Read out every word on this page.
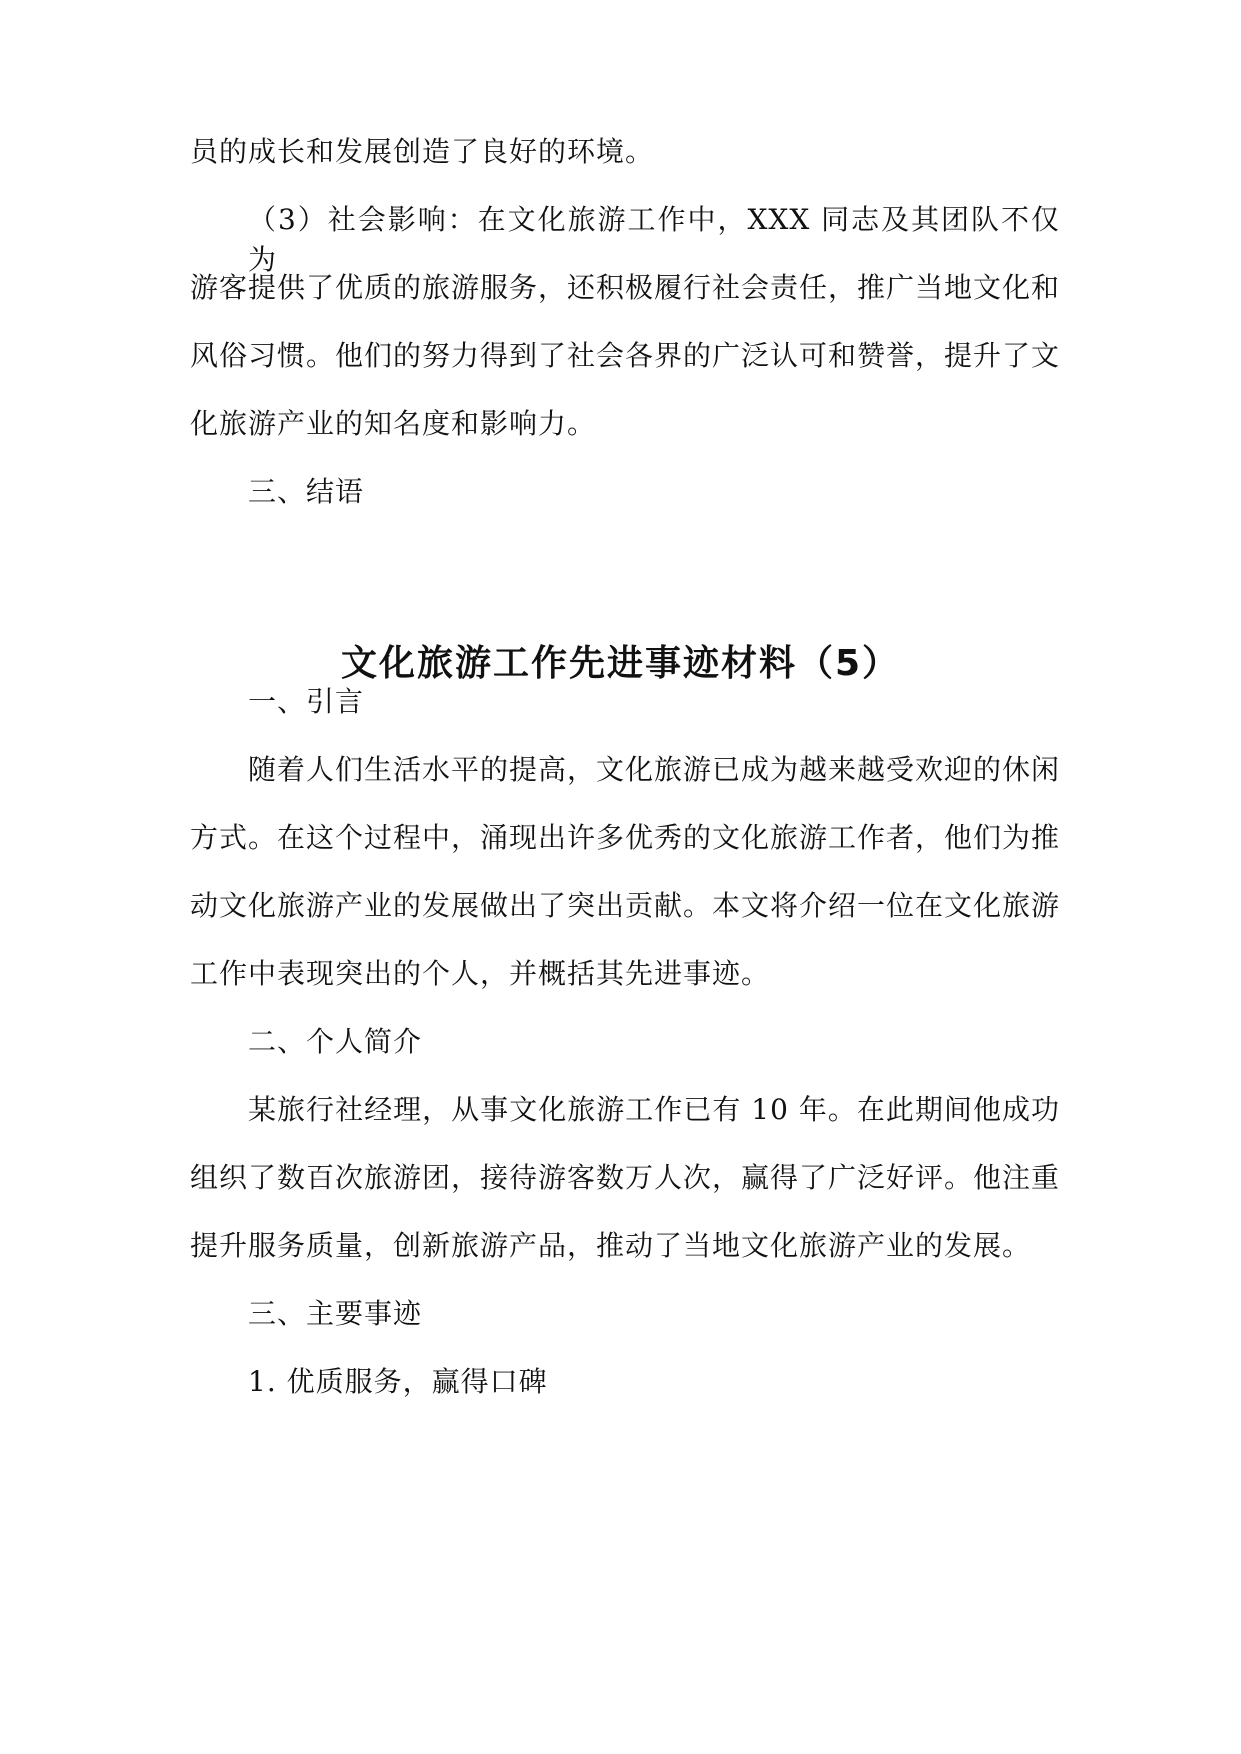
员的成长和发展创造了良好的环境。
（3）社会影响：在文化旅游工作中，XXX 同志及其团队不仅为
游客提供了优质的旅游服务，还积极履行社会责任，推广当地文化和
风俗习惯。他们的努力得到了社会各界的广泛认可和赞誉，提升了文
化旅游产业的知名度和影响力。
三、结语
文化旅游工作先进事迹材料（5）
一、引言
随着人们生活水平的提高，文化旅游已成为越来越受欢迎的休闲
方式。在这个过程中，涌现出许多优秀的文化旅游工作者，他们为推
动文化旅游产业的发展做出了突出贡献。本文将介绍一位在文化旅游
工作中表现突出的个人，并概括其先进事迹。
二、个人简介
某旅行社经理，从事文化旅游工作已有 10 年。在此期间他成功
组织了数百次旅游团，接待游客数万人次，赢得了广泛好评。他注重
提升服务质量，创新旅游产品，推动了当地文化旅游产业的发展。
三、主要事迹
1. 优质服务，赢得口碑
